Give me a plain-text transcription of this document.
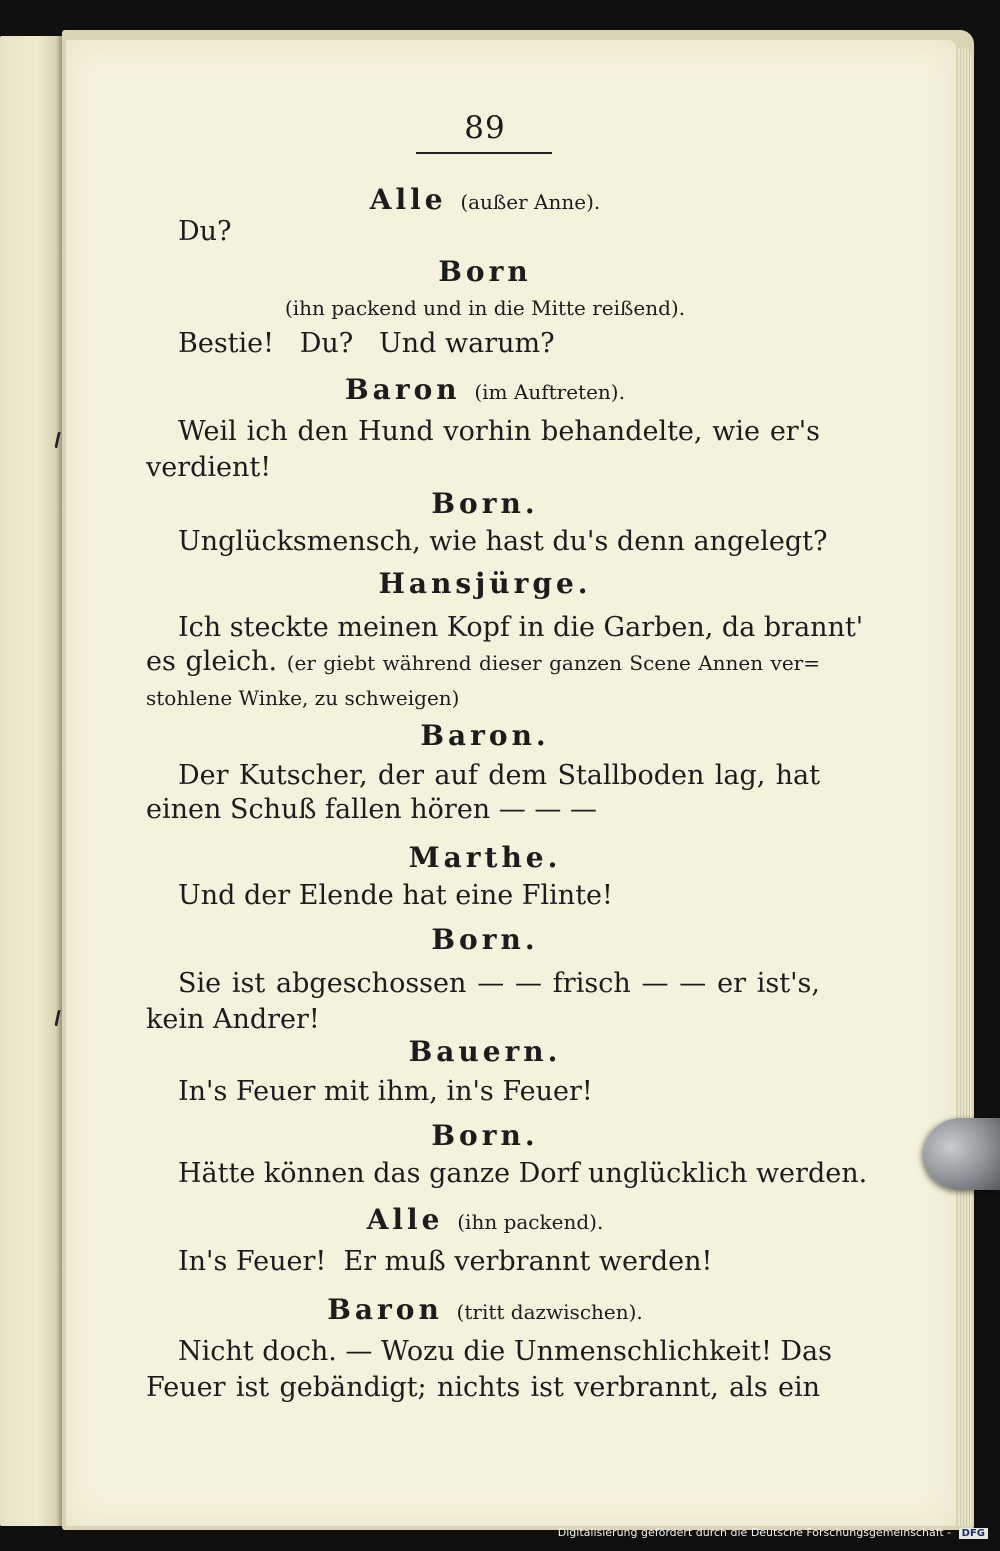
89
Alle (außer Anne).
Du?
Born
(ihn packend und in die Mitte reißend).
Bestie!   Du?   Und warum?
Baron (im Auftreten).
Weil ich den Hund vorhin behandelte, wie er's
verdient!
Born.
Unglücksmensch, wie hast du's denn angelegt?
Hansjürge.
Ich steckte meinen Kopf in die Garben, da brannt'
es gleich. (er giebt während dieser ganzen Scene Annen ver=
stohlene Winke, zu schweigen)
Baron.
Der Kutscher, der auf dem Stallboden lag, hat
einen Schuß fallen hören — — —
Marthe.
Und der Elende hat eine Flinte!
Born.
Sie ist abgeschossen — — frisch — — er ist's,
kein Andrer!
Bauern.
In's Feuer mit ihm, in's Feuer!
Born.
Hätte können das ganze Dorf unglücklich werden.
Alle (ihn packend).
In's Feuer!  Er muß verbrannt werden!
Baron (tritt dazwischen).
Nicht doch. — Wozu die Unmenschlichkeit! Das
Feuer ist gebändigt; nichts ist verbrannt, als ein
Digitalisierung gefördert durch die Deutsche Forschungsgemeinschaft - DFG
